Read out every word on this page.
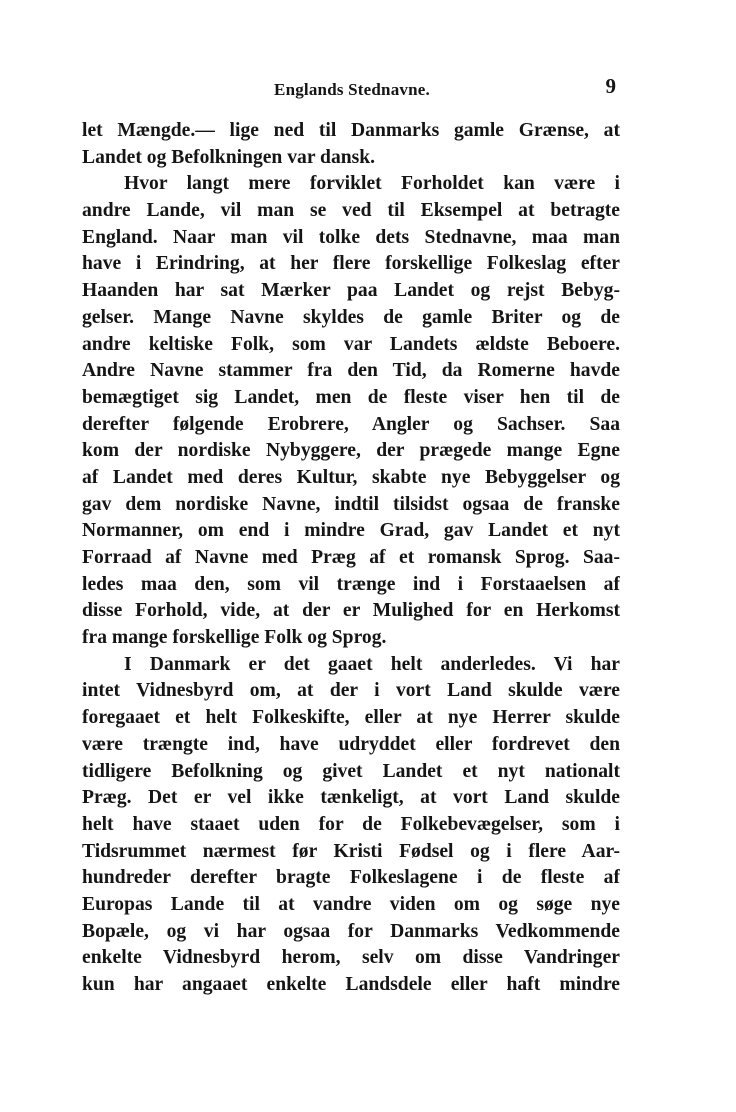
Englands Stednavne.	9
let Mængde.— lige ned til Danmarks gamle Grænse, at
Landet og Befolkningen var dansk.
Hvor langt mere forviklet Forholdet kan være i
andre Lande, vil man se ved til Eksempel at betragte
England. Naar man vil tolke dets Stednavne, maa man
have i Erindring, at her flere forskellige Folkeslag efter
Haanden har sat Mærker paa Landet og rejst Bebyg-
gelser. Mange Navne skyldes de gamle Briter og de
andre keltiske Folk, som var Landets ældste Beboere.
Andre Navne stammer fra den Tid, da Romerne havde
bemægtiget sig Landet, men de fleste viser hen til de
derefter følgende Erobrere, Angler og Sachser. Saa
kom der nordiske Nybyggere, der prægede mange Egne
af Landet med deres Kultur, skabte nye Bebyggelser og
gav dem nordiske Navne, indtil tilsidst ogsaa de franske
Normanner, om end i mindre Grad, gav Landet et nyt
Forraad af Navne med Præg af et romansk Sprog. Saa-
ledes maa den, som vil trænge ind i Forstaaelsen af
disse Forhold, vide, at der er Mulighed for en Herkomst
fra mange forskellige Folk og Sprog.
I Danmark er det gaaet helt anderledes. Vi har
intet Vidnesbyrd om, at der i vort Land skulde være
foregaaet et helt Folkeskifte, eller at nye Herrer skulde
være trængte ind, have udryddet eller fordrevet den
tidligere Befolkning og givet Landet et nyt nationalt
Præg. Det er vel ikke tænkeligt, at vort Land skulde
helt have staaet uden for de Folkebevægelser, som i
Tidsrummet nærmest før Kristi Fødsel og i flere Aar-
hundreder derefter bragte Folkeslagene i de fleste af
Europas Lande til at vandre viden om og søge nye
Bopæle, og vi har ogsaa for Danmarks Vedkommende
enkelte Vidnesbyrd herom, selv om disse Vandringer
kun har angaaet enkelte Landsdele eller haft mindre
